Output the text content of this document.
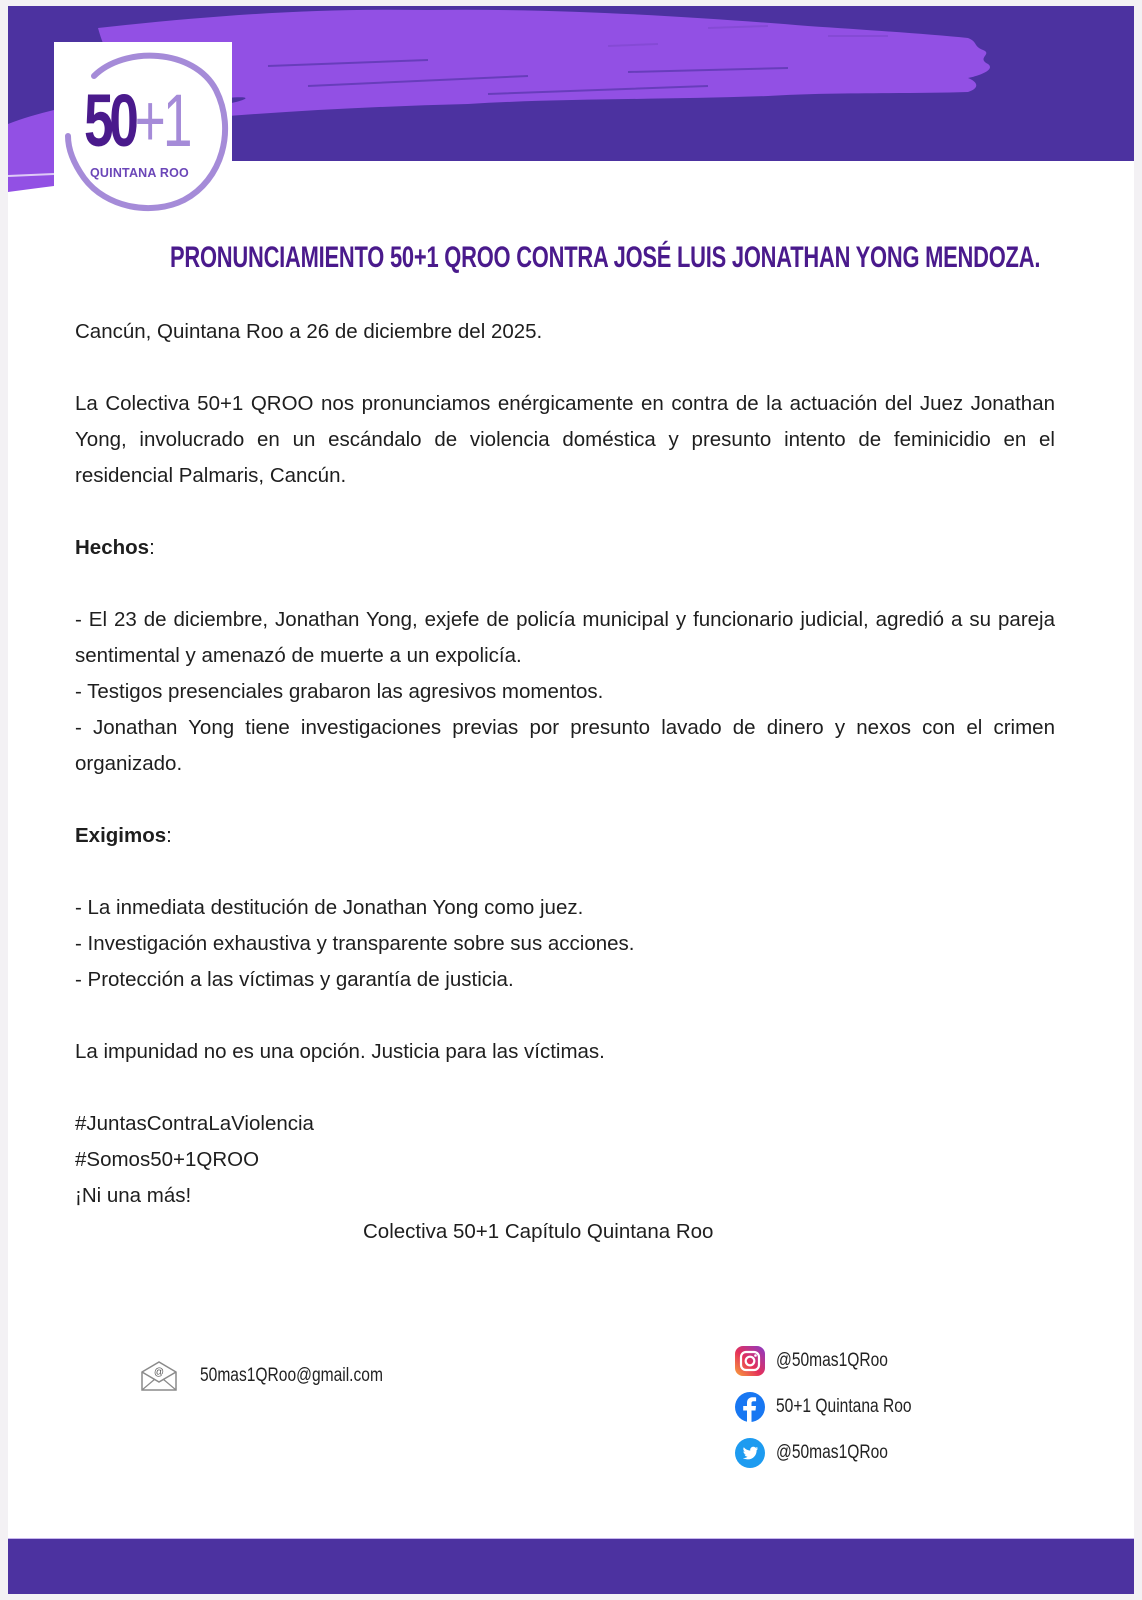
50+1
QUINTANA ROO
PRONUNCIAMIENTO 50+1 QROO CONTRA JOSÉ LUIS JONATHAN YONG MENDOZA.

Cancún, Quintana Roo a 26 de diciembre del 2025.

La Colectiva 50+1 QROO nos pronunciamos enérgicamente en contra de la actuación del Juez Jonathan Yong, involucrado en un escándalo de violencia doméstica y presunto intento de feminicidio en el residencial Palmaris, Cancún.

Hechos:

- El 23 de diciembre, Jonathan Yong, exjefe de policía municipal y funcionario judicial, agredió a su pareja sentimental y amenazó de muerte a un expolicía.

- Testigos presenciales grabaron las agresivos momentos.

- Jonathan Yong tiene investigaciones previas por presunto lavado de dinero y nexos con el crimen organizado.

Exigimos:

- La inmediata destitución de Jonathan Yong como juez.

- Investigación exhaustiva y transparente sobre sus acciones.

- Protección a las víctimas y garantía de justicia.

La impunidad no es una opción. Justicia para las víctimas.

#JuntasContraLaViolencia

#Somos50+1QROO

¡Ni una más!

Colectiva 50+1 Capítulo Quintana Roo

@ 50mas1QRoo@gmail.com
@50mas1QRoo
50+1 Quintana Roo
@50mas1QRoo
